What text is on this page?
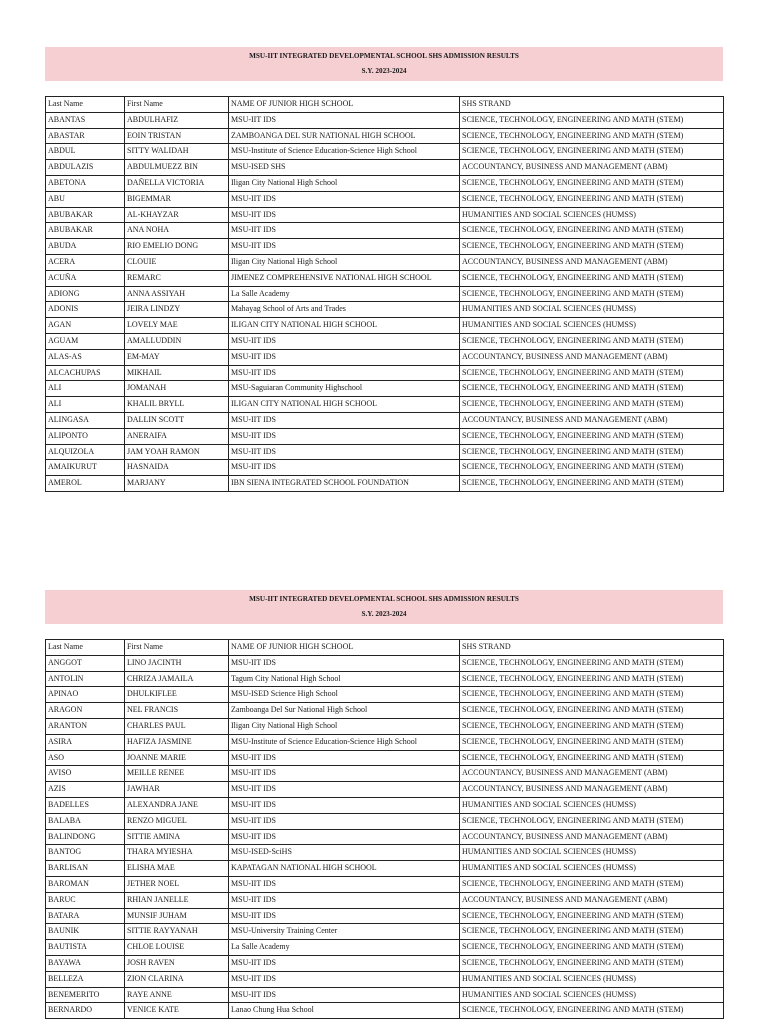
MSU-IIT INTEGRATED DEVELOPMENTAL SCHOOL SHS ADMISSION RESULTS
S.Y. 2023-2024
Last Name	First Name	NAME OF JUNIOR HIGH SCHOOL	SHS STRAND
ABANTAS	ABDULHAFIZ	MSU-IIT IDS	SCIENCE, TECHNOLOGY, ENGINEERING AND MATH (STEM)
ABASTAR	EOIN TRISTAN	ZAMBOANGA DEL SUR NATIONAL HIGH SCHOOL	SCIENCE, TECHNOLOGY, ENGINEERING AND MATH (STEM)
ABDUL	SITTY WALIDAH	MSU-Institute of Science Education-Science High School	SCIENCE, TECHNOLOGY, ENGINEERING AND MATH (STEM)
ABDULAZIS	ABDULMUEZZ BIN	MSU-ISED SHS	ACCOUNTANCY, BUSINESS AND MANAGEMENT (ABM)
ABETONA	DAÑELLA VICTORIA	Iligan City National High School	SCIENCE, TECHNOLOGY, ENGINEERING AND MATH (STEM)
ABU	BIGEMMAR	MSU-IIT IDS	SCIENCE, TECHNOLOGY, ENGINEERING AND MATH (STEM)
ABUBAKAR	AL-KHAYZAR	MSU-IIT IDS	HUMANITIES AND SOCIAL SCIENCES (HUMSS)
ABUBAKAR	ANA NOHA	MSU-IIT IDS	SCIENCE, TECHNOLOGY, ENGINEERING AND MATH (STEM)
ABUDA	RIO EMELIO DONG	MSU-IIT IDS	SCIENCE, TECHNOLOGY, ENGINEERING AND MATH (STEM)
ACERA	CLOUIE	Iligan City National High School	ACCOUNTANCY, BUSINESS AND MANAGEMENT (ABM)
ACUÑA	REMARC	JIMENEZ COMPREHENSIVE NATIONAL HIGH SCHOOL	SCIENCE, TECHNOLOGY, ENGINEERING AND MATH (STEM)
ADIONG	ANNA ASSIYAH	La Salle Academy	SCIENCE, TECHNOLOGY, ENGINEERING AND MATH (STEM)
ADONIS	JEIRA LINDZY	Mahayag School of Arts and Trades	HUMANITIES AND SOCIAL SCIENCES (HUMSS)
AGAN	LOVELY MAE	ILIGAN CITY NATIONAL HIGH SCHOOL	HUMANITIES AND SOCIAL SCIENCES (HUMSS)
AGUAM	AMALLUDDIN	MSU-IIT IDS	SCIENCE, TECHNOLOGY, ENGINEERING AND MATH (STEM)
ALAS-AS	EM-MAY	MSU-IIT IDS	ACCOUNTANCY, BUSINESS AND MANAGEMENT (ABM)
ALCACHUPAS	MIKHAIL	MSU-IIT IDS	SCIENCE, TECHNOLOGY, ENGINEERING AND MATH (STEM)
ALI	JOMANAH	MSU-Saguiaran Community Highschool	SCIENCE, TECHNOLOGY, ENGINEERING AND MATH (STEM)
ALI	KHALIL BRYLL	ILIGAN CITY NATIONAL HIGH SCHOOL	SCIENCE, TECHNOLOGY, ENGINEERING AND MATH (STEM)
ALINGASA	DALLIN SCOTT	MSU-IIT IDS	ACCOUNTANCY, BUSINESS AND MANAGEMENT (ABM)
ALIPONTO	ANERAIFA	MSU-IIT IDS	SCIENCE, TECHNOLOGY, ENGINEERING AND MATH (STEM)
ALQUIZOLA	JAM YOAH RAMON	MSU-IIT IDS	SCIENCE, TECHNOLOGY, ENGINEERING AND MATH (STEM)
AMAIKURUT	HASNAIDA	MSU-IIT IDS	SCIENCE, TECHNOLOGY, ENGINEERING AND MATH (STEM)
AMEROL	MARJANY	IBN SIENA INTEGRATED SCHOOL FOUNDATION	SCIENCE, TECHNOLOGY, ENGINEERING AND MATH (STEM)
MSU-IIT INTEGRATED DEVELOPMENTAL SCHOOL SHS ADMISSION RESULTS
S.Y. 2023-2024
Last Name	First Name	NAME OF JUNIOR HIGH SCHOOL	SHS STRAND
ANGGOT	LINO JACINTH	MSU-IIT IDS	SCIENCE, TECHNOLOGY, ENGINEERING AND MATH (STEM)
ANTOLIN	CHRIZA JAMAILA	Tagum City National High School	SCIENCE, TECHNOLOGY, ENGINEERING AND MATH (STEM)
APINAO	DHULKIFLEE	MSU-ISED Science High School	SCIENCE, TECHNOLOGY, ENGINEERING AND MATH (STEM)
ARAGON	NEL FRANCIS	Zamboanga Del Sur National High School	SCIENCE, TECHNOLOGY, ENGINEERING AND MATH (STEM)
ARANTON	CHARLES PAUL	Iligan City National High School	SCIENCE, TECHNOLOGY, ENGINEERING AND MATH (STEM)
ASIRA	HAFIZA JASMINE	MSU-Institute of Science Education-Science High School	SCIENCE, TECHNOLOGY, ENGINEERING AND MATH (STEM)
ASO	JOANNE MARIE	MSU-IIT IDS	SCIENCE, TECHNOLOGY, ENGINEERING AND MATH (STEM)
AVISO	MEILLE RENEE	MSU-IIT IDS	ACCOUNTANCY, BUSINESS AND MANAGEMENT (ABM)
AZIS	JAWHAR	MSU-IIT IDS	ACCOUNTANCY, BUSINESS AND MANAGEMENT (ABM)
BADELLES	ALEXANDRA JANE	MSU-IIT IDS	HUMANITIES AND SOCIAL SCIENCES (HUMSS)
BALABA	RENZO MIGUEL	MSU-IIT IDS	SCIENCE, TECHNOLOGY, ENGINEERING AND MATH (STEM)
BALINDONG	SITTIE AMINA	MSU-IIT IDS	ACCOUNTANCY, BUSINESS AND MANAGEMENT (ABM)
BANTOG	THARA MYIESHA	MSU-ISED-SciHS	HUMANITIES AND SOCIAL SCIENCES (HUMSS)
BARLISAN	ELISHA MAE	KAPATAGAN NATIONAL HIGH SCHOOL	HUMANITIES AND SOCIAL SCIENCES (HUMSS)
BAROMAN	JETHER NOEL	MSU-IIT IDS	SCIENCE, TECHNOLOGY, ENGINEERING AND MATH (STEM)
BARUC	RHIAN JANELLE	MSU-IIT IDS	ACCOUNTANCY, BUSINESS AND MANAGEMENT (ABM)
BATARA	MUNSIF JUHAM	MSU-IIT IDS	SCIENCE, TECHNOLOGY, ENGINEERING AND MATH (STEM)
BAUNIK	SITTIE RAYYANAH	MSU-University Training Center	SCIENCE, TECHNOLOGY, ENGINEERING AND MATH (STEM)
BAUTISTA	CHLOE LOUISE	La Salle Academy	SCIENCE, TECHNOLOGY, ENGINEERING AND MATH (STEM)
BAYAWA	JOSH RAVEN	MSU-IIT IDS	SCIENCE, TECHNOLOGY, ENGINEERING AND MATH (STEM)
BELLEZA	ZION CLARINA	MSU-IIT IDS	HUMANITIES AND SOCIAL SCIENCES (HUMSS)
BENEMERITO	RAYE ANNE	MSU-IIT IDS	HUMANITIES AND SOCIAL SCIENCES (HUMSS)
BERNARDO	VENICE KATE	Lanao Chung Hua School	SCIENCE, TECHNOLOGY, ENGINEERING AND MATH (STEM)
